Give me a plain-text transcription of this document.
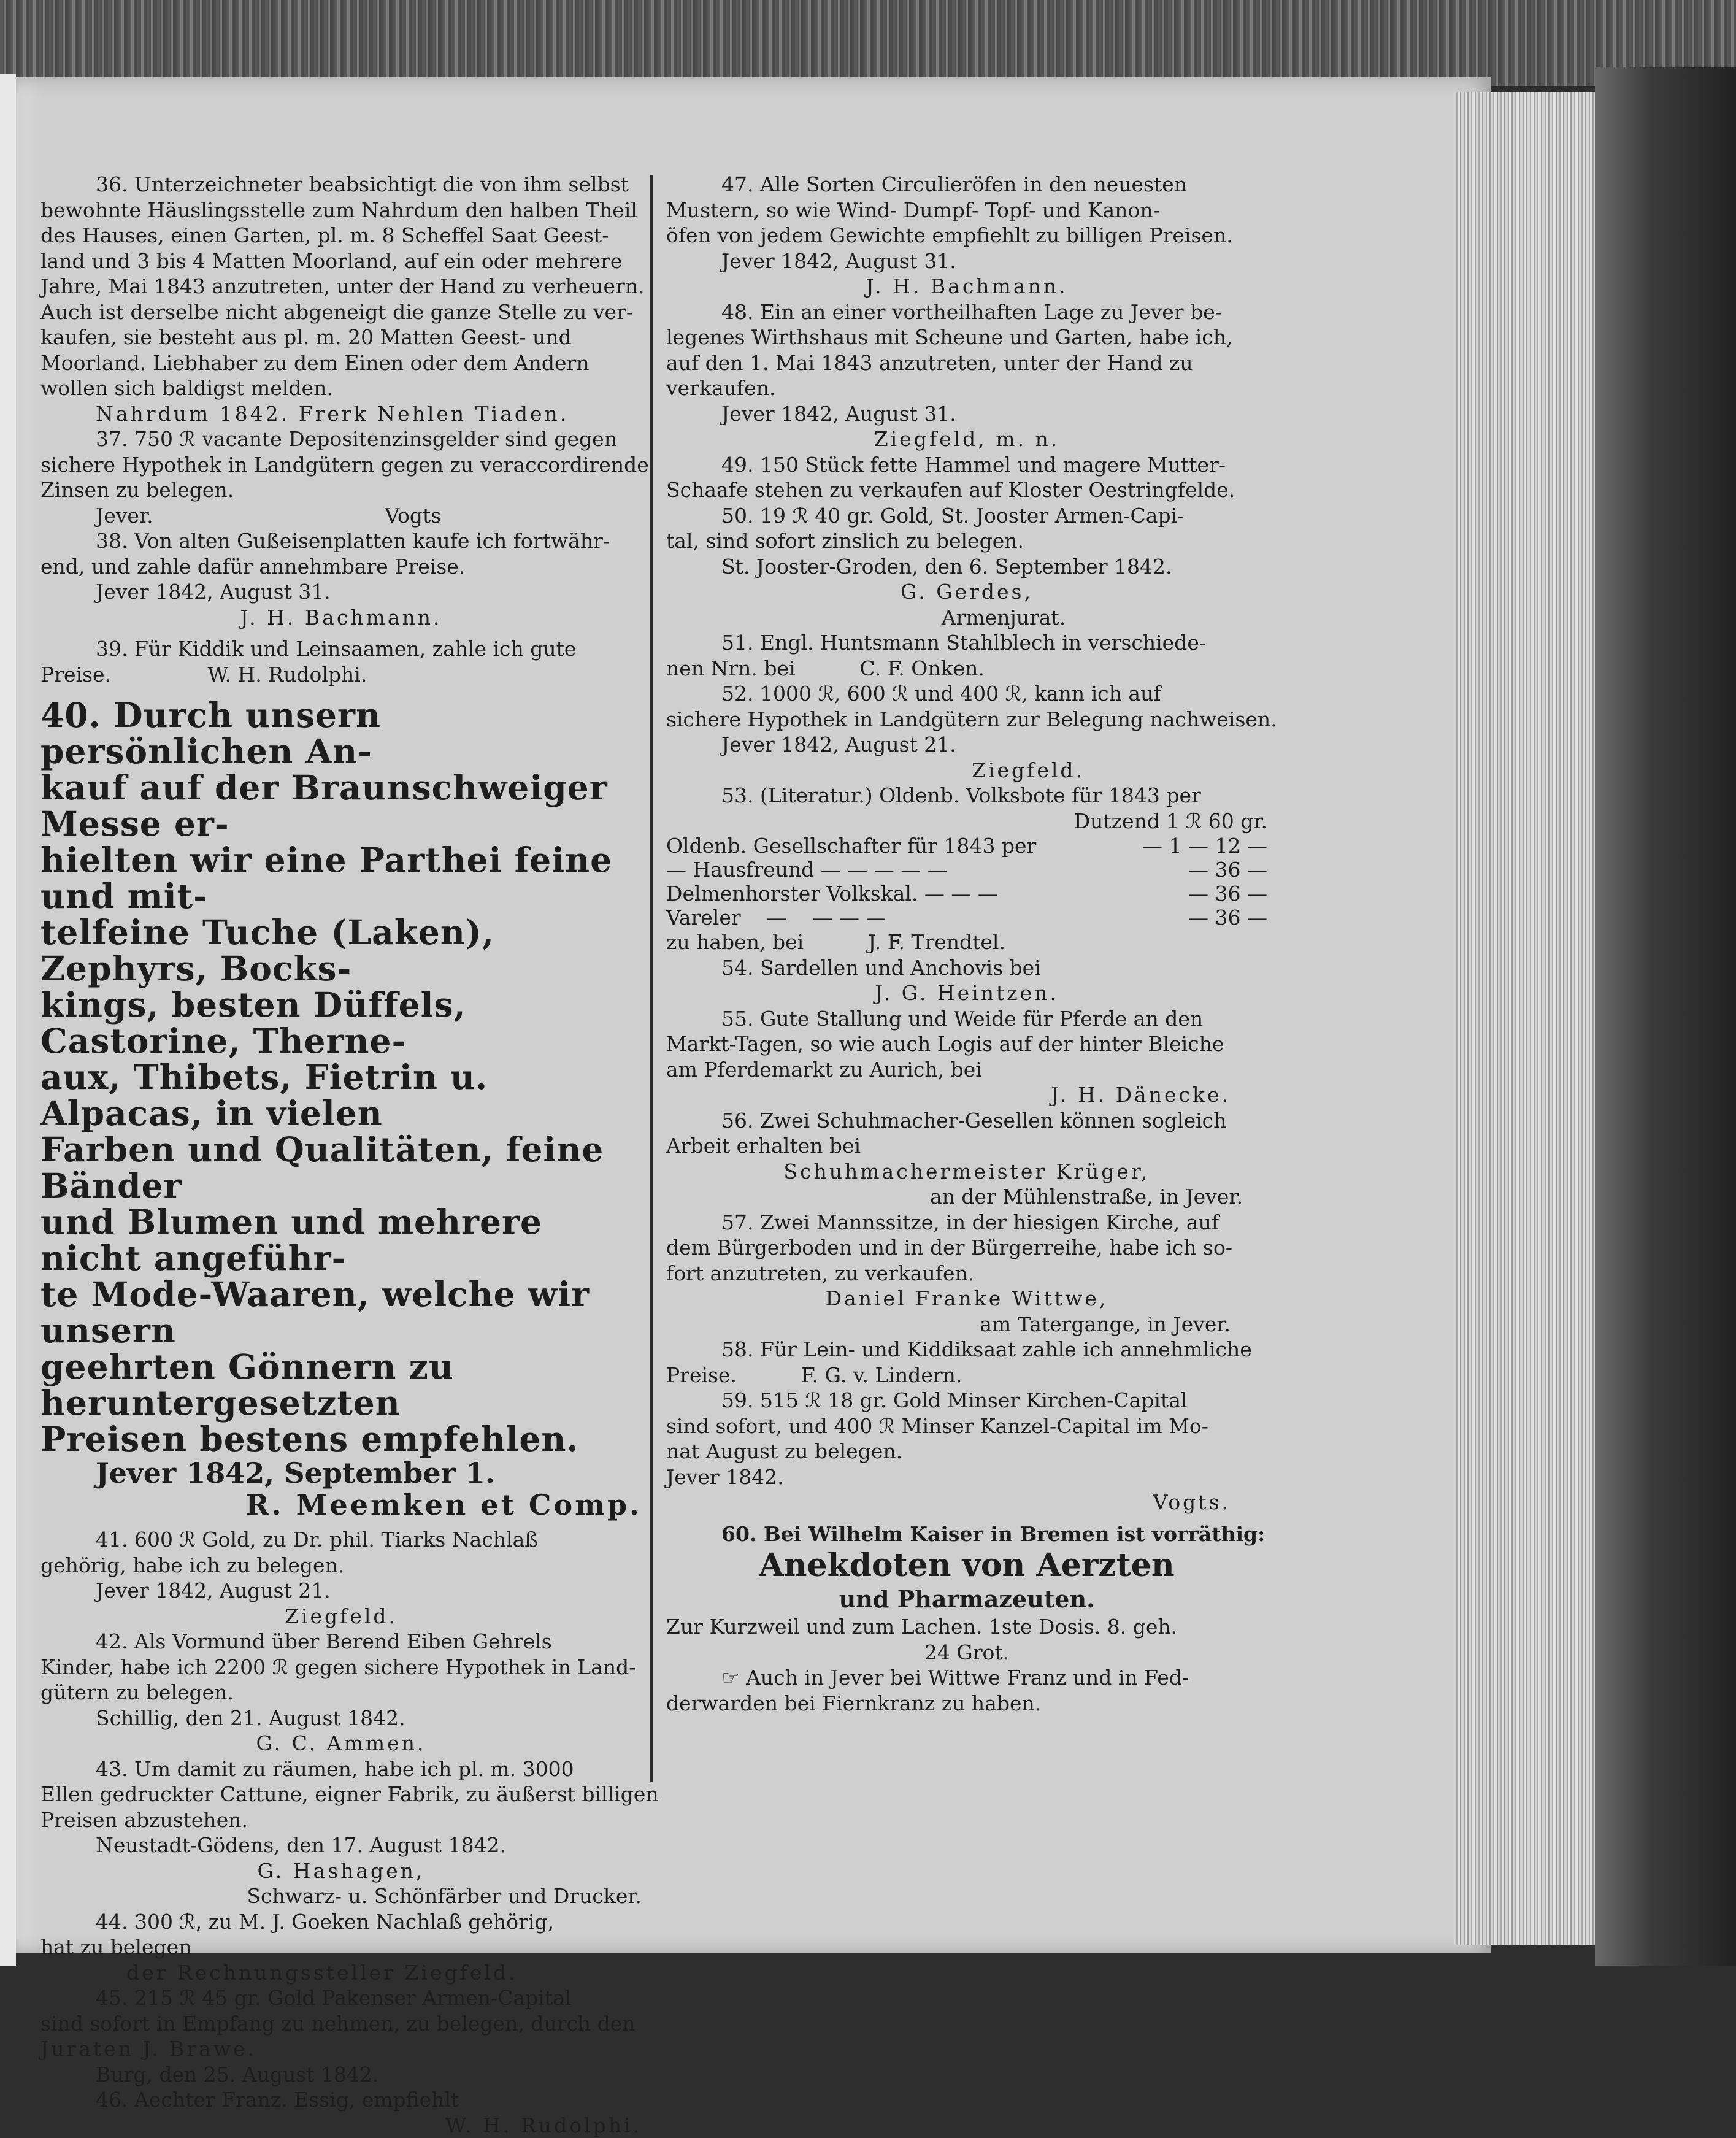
36. Unterzeichneter beabsichtigt die von ihm selbst
bewohnte Häuslingsstelle zum Nahrdum den halben Theil
des Hauses, einen Garten, pl. m. 8 Scheffel Saat Geest-
land und 3 bis 4 Matten Moorland, auf ein oder mehrere
Jahre, Mai 1843 anzutreten, unter der Hand zu verheuern.
Auch ist derselbe nicht abgeneigt die ganze Stelle zu ver-
kaufen, sie besteht aus pl. m. 20 Matten Geest- und
Moorland. Liebhaber zu dem Einen oder dem Andern
wollen sich baldigst melden.
Nahrdum 1842. Frerk Nehlen Tiaden.
37. 750 ℛ vacante Depositenzinsgelder sind gegen
sichere Hypothek in Landgütern gegen zu veraccordirende
Zinsen zu belegen.
Jever.                                    Vogts
38. Von alten Gußeisenplatten kaufe ich fortwähr-
end, und zahle dafür annehmbare Preise.
Jever 1842, August 31.
J. H. Bachmann.
39. Für Kiddik und Leinsaamen, zahle ich gute
Preise.               W. H. Rudolphi.
40. Durch unsern persönlichen An-
kauf auf der Braunschweiger Messe er-
hielten wir eine Parthei feine und mit-
telfeine Tuche (Laken), Zephyrs, Bocks-
kings, besten Düffels, Castorine, Therne-
aux, Thibets, Fietrin u. Alpacas, in vielen
Farben und Qualitäten, feine Bänder
und Blumen und mehrere nicht angeführ-
te Mode-Waaren, welche wir unsern
geehrten Gönnern zu heruntergesetzten
Preisen bestens empfehlen.
Jever 1842, September 1.
R. Meemken et Comp.
41. 600 ℛ Gold, zu Dr. phil. Tiarks Nachlaß
gehörig, habe ich zu belegen.
Jever 1842, August 21.
Ziegfeld.
42. Als Vormund über Berend Eiben Gehrels
Kinder, habe ich 2200 ℛ gegen sichere Hypothek in Land-
gütern zu belegen.
Schillig, den 21. August 1842.
G. C. Ammen.
43. Um damit zu räumen, habe ich pl. m. 3000
Ellen gedruckter Cattune, eigner Fabrik, zu äußerst billigen
Preisen abzustehen.
Neustadt-Gödens, den 17. August 1842.
G. Hashagen,
Schwarz- u. Schönfärber und Drucker.
44. 300 ℛ, zu M. J. Goeken Nachlaß gehörig,
hat zu belegen
der Rechnungssteller Ziegfeld.
45. 215 ℛ 45 gr. Gold Pakenser Armen-Capital
sind sofort in Empfang zu nehmen, zu belegen, durch den
Juraten J. Brawe.
Burg, den 25. August 1842.
46. Aechter Franz. Essig, empfiehlt
W. H. Rudolphi.
47. Alle Sorten Circulieröfen in den neuesten
Mustern, so wie Wind- Dumpf- Topf- und Kanon-
öfen von jedem Gewichte empfiehlt zu billigen Preisen.
Jever 1842, August 31.
J. H. Bachmann.
48. Ein an einer vortheilhaften Lage zu Jever be-
legenes Wirthshaus mit Scheune und Garten, habe ich,
auf den 1. Mai 1843 anzutreten, unter der Hand zu
verkaufen.
Jever 1842, August 31.
Ziegfeld, m. n.
49. 150 Stück fette Hammel und magere Mutter-
Schaafe stehen zu verkaufen auf Kloster Oestringfelde.
50. 19 ℛ 40 gr. Gold, St. Jooster Armen-Capi-
tal, sind sofort zinslich zu belegen.
St. Jooster-Groden, den 6. September 1842.
G. Gerdes,
Armenjurat.
51. Engl. Huntsmann Stahlblech in verschiede-
nen Nrn. bei          C. F. Onken.
52. 1000 ℛ, 600 ℛ und 400 ℛ, kann ich auf
sichere Hypothek in Landgütern zur Belegung nachweisen.
Jever 1842, August 21.
Ziegfeld.
53. (Literatur.) Oldenb. Volksbote für 1843 per
Dutzend 1 ℛ 60 gr.
Oldenb. Gesellschafter für 1843 per	— 1 — 12 —
— Hausfreund — — — — —	— 36 —
Delmenhorster Volkskal. — — —	— 36 —
Vareler    —    — — —	— 36 —
zu haben, bei          J. F. Trendtel.
54. Sardellen und Anchovis bei
J. G. Heintzen.
55. Gute Stallung und Weide für Pferde an den
Markt-Tagen, so wie auch Logis auf der hinter Bleiche
am Pferdemarkt zu Aurich, bei
J. H. Dänecke.
56. Zwei Schuhmacher-Gesellen können sogleich
Arbeit erhalten bei
Schuhmachermeister Krüger,
an der Mühlenstraße, in Jever.
57. Zwei Mannssitze, in der hiesigen Kirche, auf
dem Bürgerboden und in der Bürgerreihe, habe ich so-
fort anzutreten, zu verkaufen.
Daniel Franke Wittwe,
am Tatergange, in Jever.
58. Für Lein- und Kiddiksaat zahle ich annehmliche
Preise.          F. G. v. Lindern.
59. 515 ℛ 18 gr. Gold Minser Kirchen-Capital
sind sofort, und 400 ℛ Minser Kanzel-Capital im Mo-
nat August zu belegen.
Jever 1842.
Vogts.
60. Bei Wilhelm Kaiser in Bremen ist vorräthig:
Anekdoten von Aerzten
und Pharmazeuten.
Zur Kurzweil und zum Lachen. 1ste Dosis. 8. geh.
24 Grot.
☞ Auch in Jever bei Wittwe Franz und in Fed-
derwarden bei Fiernkranz zu haben.
